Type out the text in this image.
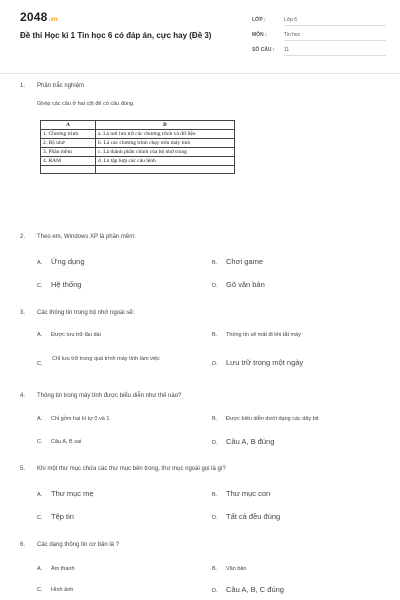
2048.vn
Đề thi Học kì 1 Tin học 6 có đáp án, cực hay (Đề 3)
LỚP :	Lớp 6
MÔN :	Tin học
SỐ CÂU :	11
1. Phần trắc nghiệm
Ghép các câu ở hai cột để có câu đúng.
A	B
1. Chương trình	a. Là nơi lưu trữ các chương trình và dữ liệu
2. Bộ nhớ	b. Là các chương trình chạy trên máy tính
3. Phần mềm	c. Là thành phần chính của bộ nhớ trong
4. RAM	d. Là tập hợp các câu lệnh

2. Theo em, Windows XP là phần mềm:
A. Ứng dụng	B. Chơi game
C. Hệ thống	D. Gõ văn bản
3. Các thông tin trong bộ nhớ ngoài sẽ:
A. Được lưu trữ lâu dài	B. Thông tin sẽ mất đi khi tắt máy
C.
Chỉ lưu trữ trong quá trình máy tính làm việc
D. Lưu trữ trong một ngày
4. Thông tin trong máy tính được biểu diễn như thế nào?
A. Chỉ gồm hai kí tự 0 và 1	B. Được biểu diễn dưới dạng các dãy bit
C. Câu A, B sai	D. Câu A, B đúng
5. Khi một thư mục chứa các thư mục bên trong, thư mục ngoài gọi là gì?
A. Thư mục mẹ	B. Thư mục con
C. Tệp tin	D. Tất cả đều đúng
6. Các dạng thông tin cơ bản là ?
A. Âm thanh	B. Văn bản
C. Hình ảnh	D. Câu A, B, C đúng
